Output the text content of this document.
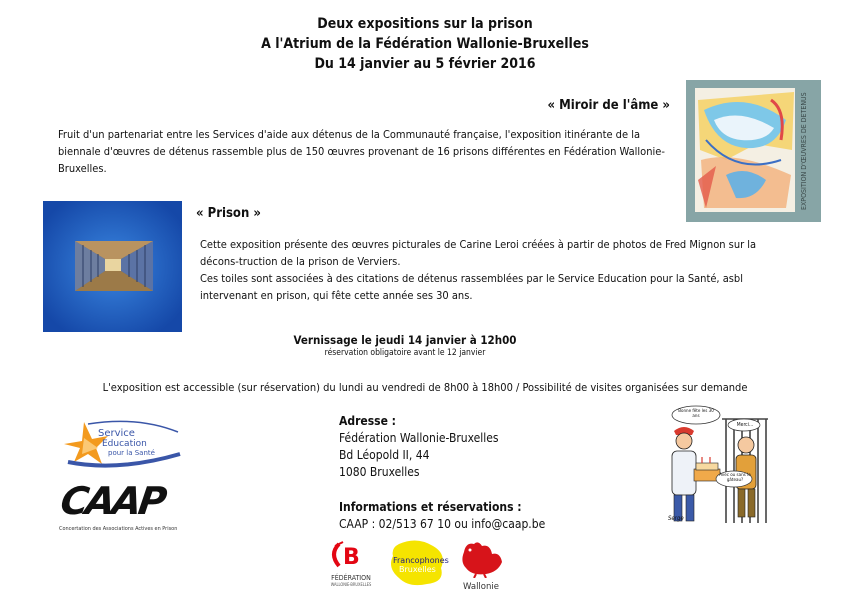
Deux expositions sur la prison
A l'Atrium de la Fédération Wallonie-Bruxelles
Du 14 janvier au 5 février 2016
« Miroir de l'âme »
Fruit d'un partenariat entre les Services d'aide aux détenus de la Communauté française, l'exposition itinérante de la biennale d'œuvres de détenus rassemble plus de 150 œuvres provenant de 16 prisons différentes en Fédération Wallonie-Bruxelles.	EXPOSITION D'ŒUVRES DE DETENUS
« Prison »

Cette exposition présente des œuvres picturales de Carine Leroi créées à partir de photos de Fred Mignon sur la décons-truction de la prison de Verviers.

Ces toiles sont associées à des citations de détenus rassemblées par le Service Education pour la Santé, asbl intervenant en prison, qui fête cette année ses 30 ans.

Vernissage le jeudi 14 janvier à 12h00
réservation obligatoire avant le 12 janvier
L'exposition est accessible (sur réservation) du lundi au vendredi de 8h00 à 18h00 / Possibilité de visites organisées sur demande
Adresse :
Fédération Wallonie-Bruxelles
Bd Léopold II, 44
1080 Bruxelles
Informations et réservations :
CAAP : 02/513 67 10 ou info@caap.be
Service
Education
pour la Santé
CAAP
Concertation des Associations Actives en Prison
B
FÉDÉRATION
WALLONIE-BRUXELLES
Francophones
Bruxelles
Wallonie
Bonne fête les 30 ans
Merci...
Avec ou sans le gâteau?
Serge
